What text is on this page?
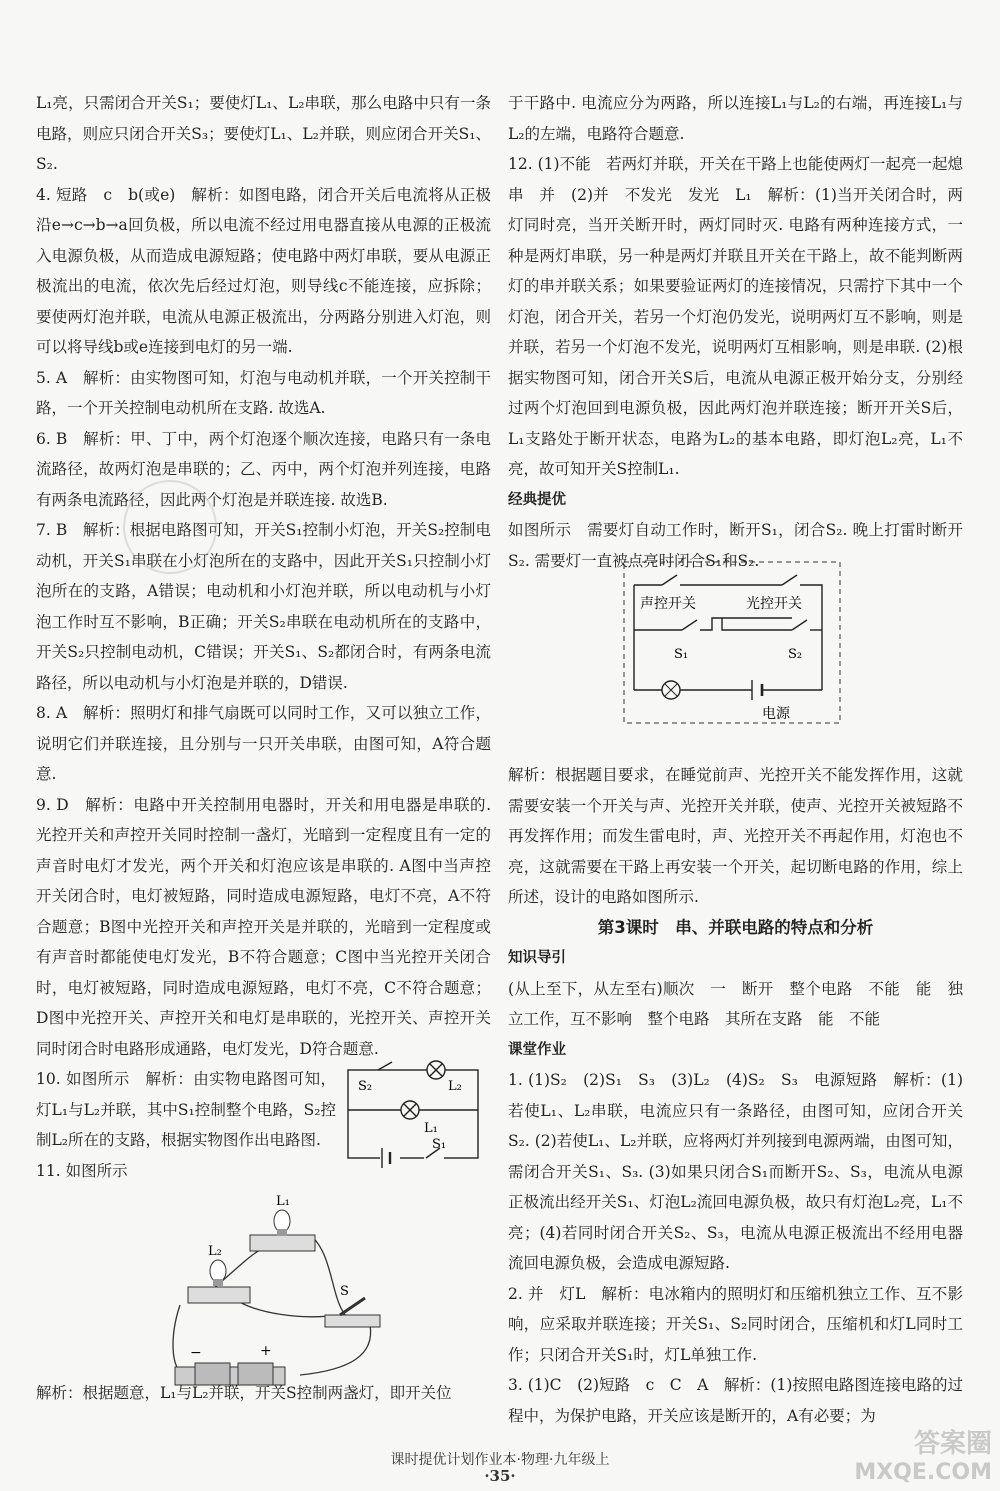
L₁亮，只需闭合开关S₁；要使灯L₁、L₂串联，那么电路中只有一条电路，则应只闭合开关S₃；要使灯L₁、L₂并联，则应闭合开关S₁、S₂.

4. 短路　c　b(或e)　解析：如图电路，闭合开关后电流将从正极沿e→c→b→a回负极，所以电流不经过用电器直接从电源的正极流入电源负极，从而造成电源短路；使电路中两灯串联，要从电源正极流出的电流，依次先后经过灯泡，则导线c不能连接，应拆除；要使两灯泡并联，电流从电源正极流出，分两路分别进入灯泡，则可以将导线b或e连接到电灯的另一端.

5. A　解析：由实物图可知，灯泡与电动机并联，一个开关控制干路，一个开关控制电动机所在支路. 故选A.

6. B　解析：甲、丁中，两个灯泡逐个顺次连接，电路只有一条电流路径，故两灯泡是串联的；乙、丙中，两个灯泡并列连接，电路有两条电流路径，因此两个灯泡是并联连接. 故选B.

7. B　解析：根据电路图可知，开关S₁控制小灯泡，开关S₂控制电动机，开关S₁串联在小灯泡所在的支路中，因此开关S₁只控制小灯泡所在的支路，A错误；电动机和小灯泡并联，所以电动机与小灯泡工作时互不影响，B正确；开关S₂串联在电动机所在的支路中，开关S₂只控制电动机，C错误；开关S₁、S₂都闭合时，有两条电流路径，所以电动机与小灯泡是并联的，D错误.

8. A　解析：照明灯和排气扇既可以同时工作，又可以独立工作，说明它们并联连接，且分别与一只开关串联，由图可知，A符合题意.

9. D　解析：电路中开关控制用电器时，开关和用电器是串联的. 光控开关和声控开关同时控制一盏灯，光暗到一定程度且有一定的声音时电灯才发光，两个开关和灯泡应该是串联的. A图中当声控开关闭合时，电灯被短路，同时造成电源短路，电灯不亮，A不符合题意；B图中光控开关和声控开关是并联的，光暗到一定程度或有声音时都能使电灯发光，B不符合题意；C图中当光控开关闭合时，电灯被短路，同时造成电源短路，电灯不亮，C不符合题意；D图中光控开关、声控开关和电灯是串联的，光控开关、声控开关同时闭合时电路形成通路，电灯发光，D符合题意.

10. 如图所示　解析：由实物电路图可知，灯L₁与L₂并联，其中S₁控制整个电路，S₂控制L₂所在的支路，根据实物图作出电路图.

11. 如图所示

S₂	L₂
L₁
S₁
L₁
L₂
S
−	+

解析：根据题意，L₁与L₂并联，开关S控制两盏灯，即开关位

于干路中. 电流应分为两路，所以连接L₁与L₂的右端，再连接L₁与L₂的左端，电路符合题意.

12. (1)不能　若两灯并联，开关在干路上也能使两灯一起亮一起熄　串　并　(2)并　不发光　发光　L₁　解析：(1)当开关闭合时，两灯同时亮，当开关断开时，两灯同时灭. 电路有两种连接方式，一种是两灯串联，另一种是两灯并联且开关在干路上，故不能判断两灯的串并联关系；如果要验证两灯的连接情况，只需拧下其中一个灯泡，闭合开关，若另一个灯泡仍发光，说明两灯互不影响，则是并联，若另一个灯泡不发光，说明两灯互相影响，则是串联. (2)根据实物图可知，闭合开关S后，电流从电源正极开始分支，分别经过两个灯泡回到电源负极，因此两灯泡并联连接；断开开关S后，L₁支路处于断开状态，电路为L₂的基本电路，即灯泡L₂亮，L₁不亮，故可知开关S控制L₁.

经典提优

如图所示　需要灯自动工作时，断开S₁，闭合S₂. 晚上打雷时断开S₂. 需要灯一直被点亮时闭合S₁和S₂.

解析：根据题目要求，在睡觉前声、光控开关不能发挥作用，这就需要安装一个开关与声、光控开关并联，使声、光控开关被短路不再发挥作用；而发生雷电时，声、光控开关不再起作用，灯泡也不亮，这就需要在干路上再安装一个开关，起切断电路的作用，综上所述，设计的电路如图所示.

第3课时　串、并联电路的特点和分析

知识导引

(从上至下，从左至右)顺次　一　断开　整个电路　不能　能　独立工作，互不影响　整个电路　其所在支路　能　不能

课堂作业

1. (1)S₂　(2)S₁　S₃　(3)L₂　(4)S₂　S₃　电源短路　解析：(1)若使L₁、L₂串联，电流应只有一条路径，由图可知，应闭合开关S₂. (2)若使L₁、L₂并联，应将两灯并列接到电源两端，由图可知，需闭合开关S₁、S₃. (3)如果只闭合S₁而断开S₂、S₃，电流从电源正极流出经开关S₁、灯泡L₂流回电源负极，故只有灯泡L₂亮，L₁不亮；(4)若同时闭合开关S₂、S₃，电流从电源正极流出不经用电器流回电源负极，会造成电源短路.

2. 并　灯L　解析：电冰箱内的照明灯和压缩机独立工作、互不影响，应采取并联连接；开关S₁、S₂同时闭合，压缩机和灯L同时工作；只闭合开关S₁时，灯L单独工作.

3. (1)C　(2)短路　c　C　A　解析：(1)按照电路图连接电路的过程中，为保护电路，开关应该是断开的，A有必要；为

声控开关	光控开关
S₁	S₂
电源
课时提优计划作业本·物理·九年级上
·35·
答案圈
MXQE.COM
